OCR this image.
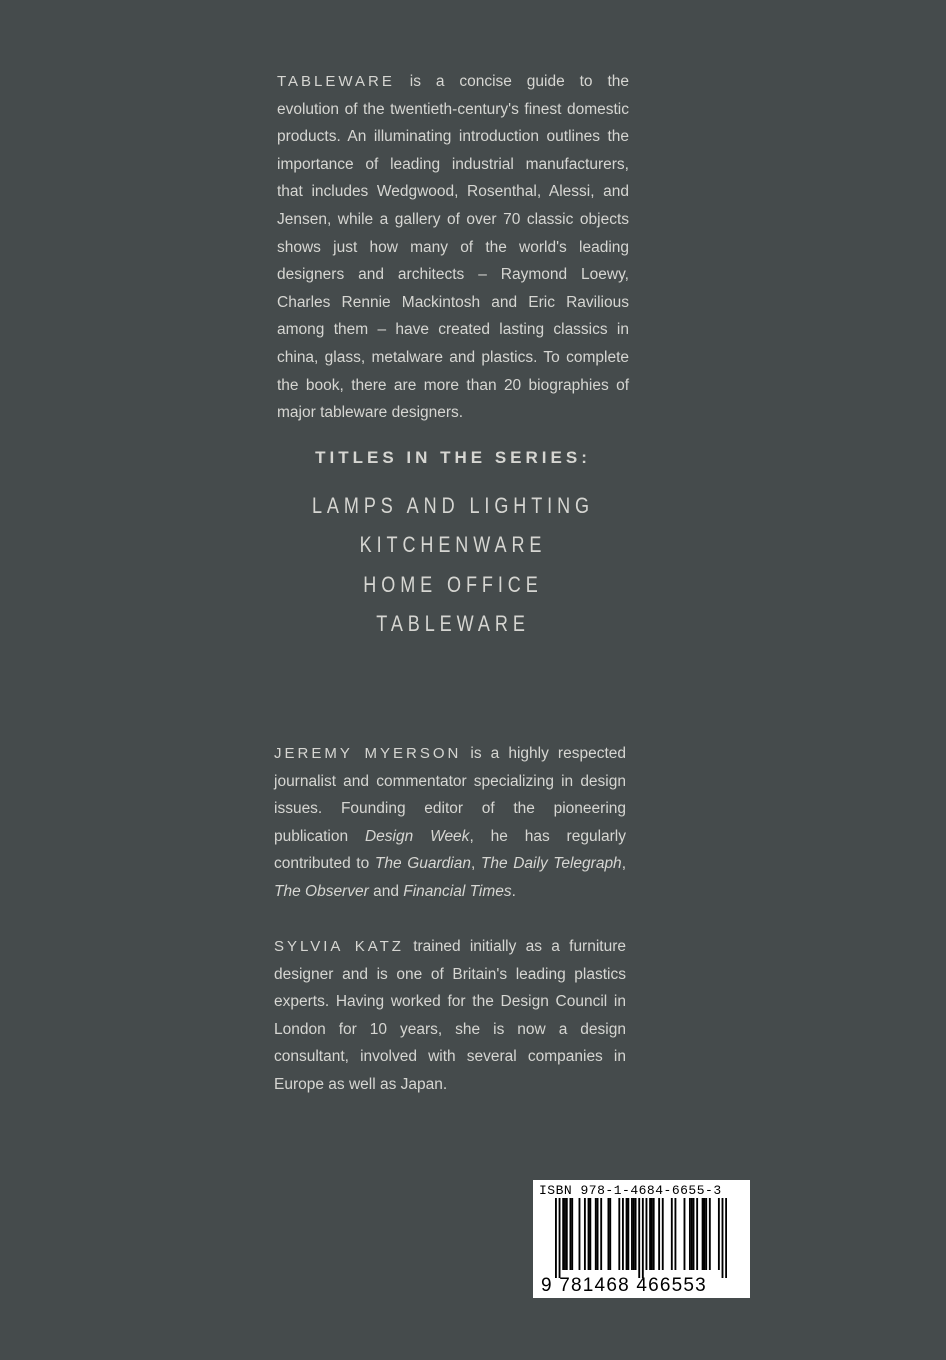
TABLEWARE is a concise guide to the evolution of the twentieth-century's finest domestic products. An illuminating introduction outlines the importance of leading industrial manufacturers, that includes Wedgwood, Rosenthal, Alessi, and Jensen, while a gallery of over 70 classic objects shows just how many of the world's leading designers and architects – Raymond Loewy, Charles Rennie Mackintosh and Eric Ravilious among them – have created lasting classics in china, glass, metalware and plastics. To complete the book, there are more than 20 biographies of major tableware designers.
TITLES IN THE SERIES:
LAMPS AND LIGHTING
KITCHENWARE
HOME OFFICE
TABLEWARE
JEREMY MYERSON is a highly respected journalist and commentator specializing in design issues. Founding editor of the pioneering publication Design Week, he has regularly contributed to The Guardian, The Daily Telegraph, The Observer and Financial Times.
SYLVIA KATZ trained initially as a furniture designer and is one of Britain's leading plastics experts. Having worked for the Design Council in London for 10 years, she is now a design consultant, involved with several companies in Europe as well as Japan.
ISBN 978-1-4684-6655-3
9 781468 466553
